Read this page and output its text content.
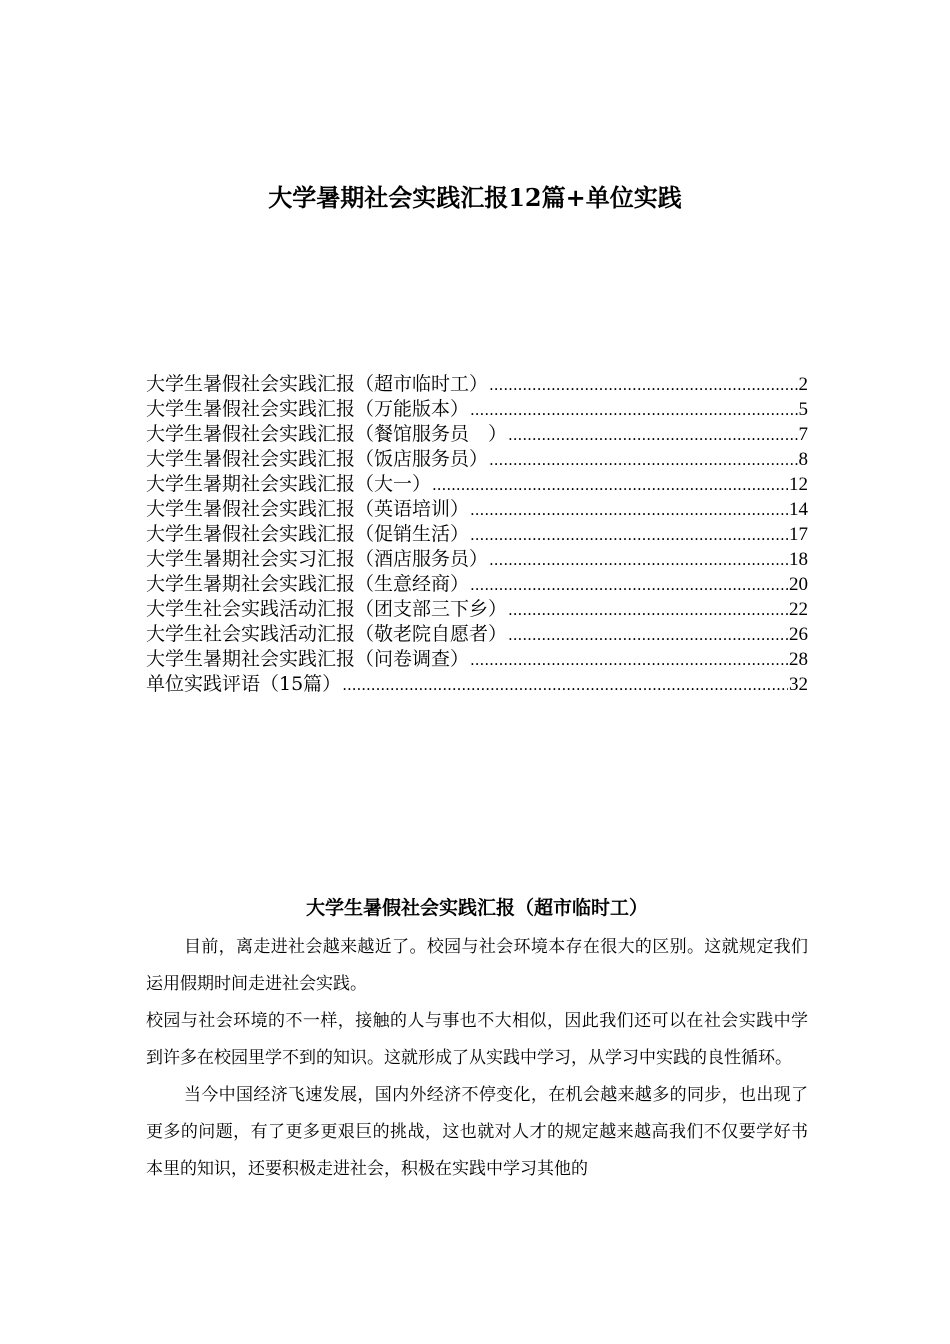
大学暑期社会实践汇报12篇+单位实践
大学生暑假社会实践汇报（超市临时工） .....	2
大学生暑假社会实践汇报（万能版本） .....	5
大学生暑假社会实践汇报（餐馆服务员　） .....	7
大学生暑假社会实践汇报（饭店服务员） .....	8
大学生暑期社会实践汇报（大一） .....	12
大学生暑假社会实践汇报（英语培训） .....	14
大学生暑假社会实践汇报（促销生活） .....	17
大学生暑期社会实习汇报（酒店服务员） .....	18
大学生暑期社会实践汇报（生意经商） .....	20
大学生社会实践活动汇报（团支部三下乡） .....	22
大学生社会实践活动汇报（敬老院自愿者） .....	26
大学生暑期社会实践汇报（问卷调查） .....	28
单位实践评语（15篇） .....	32
大学生暑假社会实践汇报（超市临时工）

目前，离走进社会越来越近了。校园与社会环境本存在很大的区别。这就规定我们运用假期时间走进社会实践。

校园与社会环境的不一样，接触的人与事也不大相似，因此我们还可以在社会实践中学到许多在校园里学不到的知识。这就形成了从实践中学习，从学习中实践的良性循环。

当今中国经济飞速发展，国内外经济不停变化，在机会越来越多的同步，也出现了更多的问题，有了更多更艰巨的挑战，这也就对人才的规定越来越高我们不仅要学好书本里的知识，还要积极走进社会，积极在实践中学习其他的
